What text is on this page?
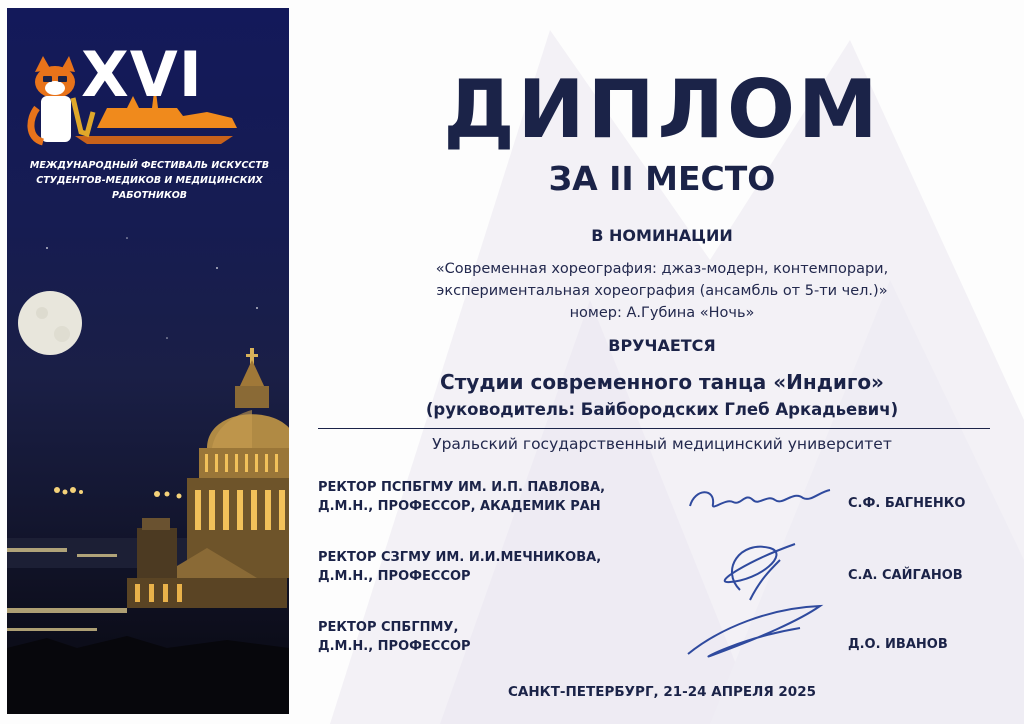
XVI
МЕЖДУНАРОДНЫЙ ФЕСТИВАЛЬ ИСКУССТВ
СТУДЕНТОВ-МЕДИКОВ И МЕДИЦИНСКИХ
РАБОТНИКОВ
ДИПЛОМ
ЗА II МЕСТО
В НОМИНАЦИИ
«Современная хореография: джаз-модерн, контемпорари,
экспериментальная хореография (ансамбль от 5-ти чел.)»
номер: А.Губина «Ночь»
ВРУЧАЕТСЯ
Студии современного танца «Индиго»
(руководитель: Байбородских Глеб Аркадьевич)
Уральский государственный медицинский университет
РЕКТОР ПСПБГМУ ИМ. И.П. ПАВЛОВА,
Д.М.Н., ПРОФЕССОР, АКАДЕМИК РАН	С.Ф. БАГНЕНКО
РЕКТОР СЗГМУ ИМ. И.И.МЕЧНИКОВА,
Д.М.Н., ПРОФЕССОР	С.А. САЙГАНОВ
РЕКТОР СПБГПМУ,
Д.М.Н., ПРОФЕССОР	Д.О. ИВАНОВ
САНКТ-ПЕТЕРБУРГ, 21-24 АПРЕЛЯ 2025
